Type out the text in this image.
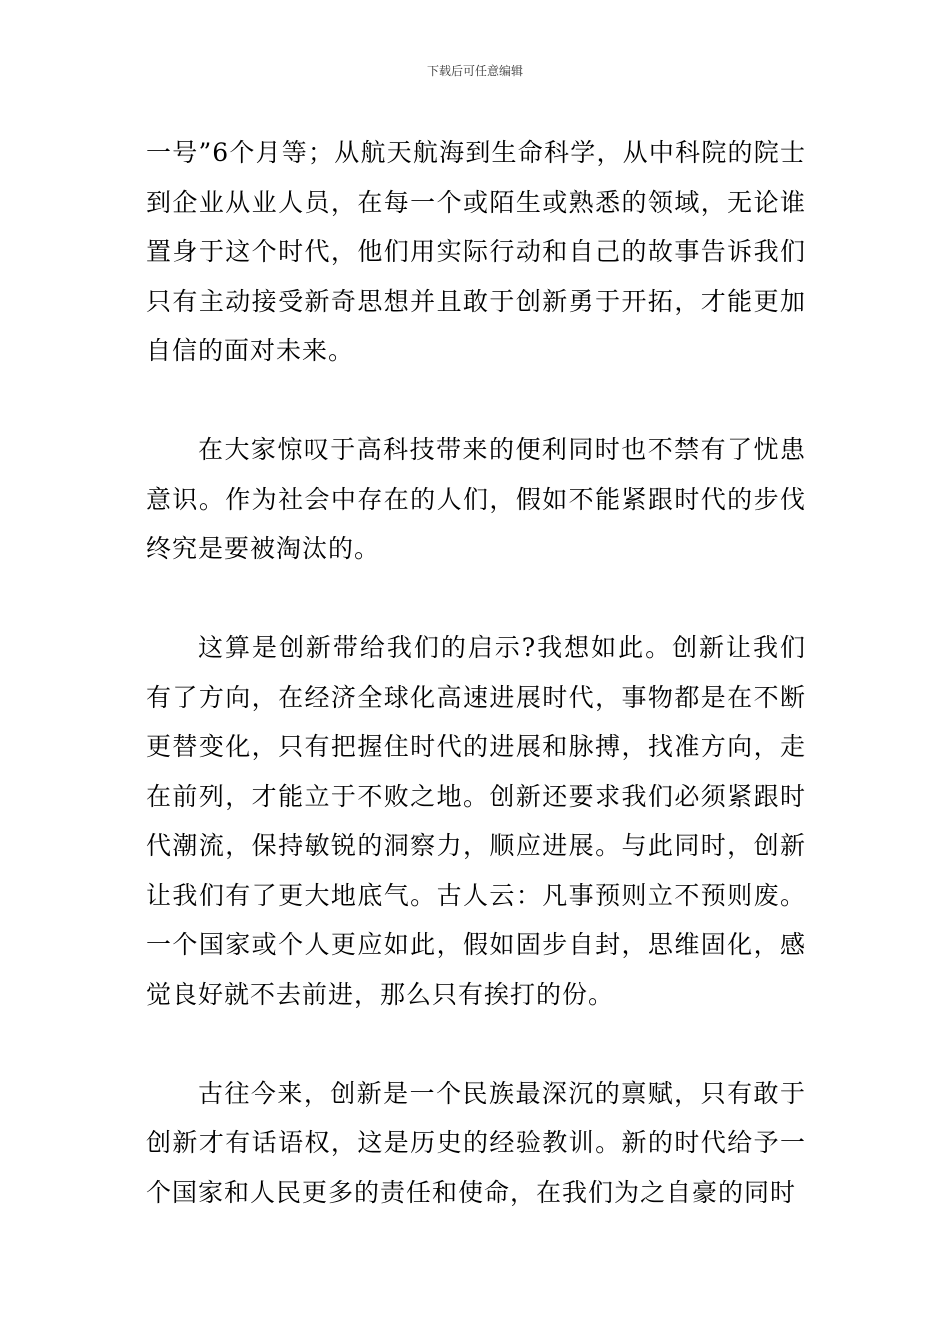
下载后可任意编辑

一号”6个月等；从航天航海到生命科学，从中科院的院士到企业从业人员，在每一个或陌生或熟悉的领域，无论谁置身于这个时代，他们用实际行动和自己的故事告诉我们只有主动接受新奇思想并且敢于创新勇于开拓，才能更加自信的面对未来。

在大家惊叹于高科技带来的便利同时也不禁有了忧患意识。作为社会中存在的人们，假如不能紧跟时代的步伐终究是要被淘汰的。

这算是创新带给我们的启示?我想如此。创新让我们有了方向，在经济全球化高速进展时代，事物都是在不断更替变化，只有把握住时代的进展和脉搏，找准方向，走在前列，才能立于不败之地。创新还要求我们必须紧跟时代潮流，保持敏锐的洞察力，顺应进展。与此同时，创新让我们有了更大地底气。古人云：凡事预则立不预则废。一个国家或个人更应如此，假如固步自封，思维固化，感觉良好就不去前进，那么只有挨打的份。

古往今来，创新是一个民族最深沉的禀赋，只有敢于创新才有话语权，这是历史的经验教训。新的时代给予一个国家和人民更多的责任和使命，在我们为之自豪的同时
